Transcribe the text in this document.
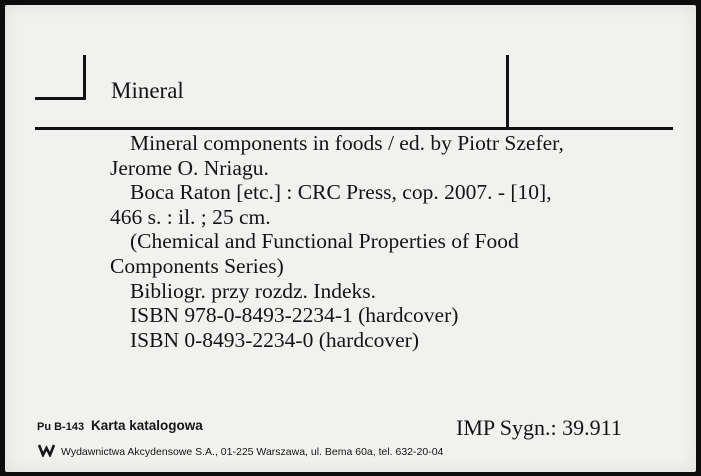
Mineral
Mineral components in foods / ed. by Piotr Szefer,
Jerome O. Nriagu.
Boca Raton [etc.] : CRC Press, cop. 2007. - [10],
466 s. : il. ; 25 cm.
(Chemical and Functional Properties of Food
Components Series)
Bibliogr. przy rozdz. Indeks.
ISBN 978-0-8493-2234-1 (hardcover)
ISBN 0-8493-2234-0 (hardcover)
Pu B-143 Karta katalogowa
Wydawnictwa Akcydensowe S.A., 01-225 Warszawa, ul. Bema 60a, tel. 632-20-04
IMP Sygn.: 39.911
